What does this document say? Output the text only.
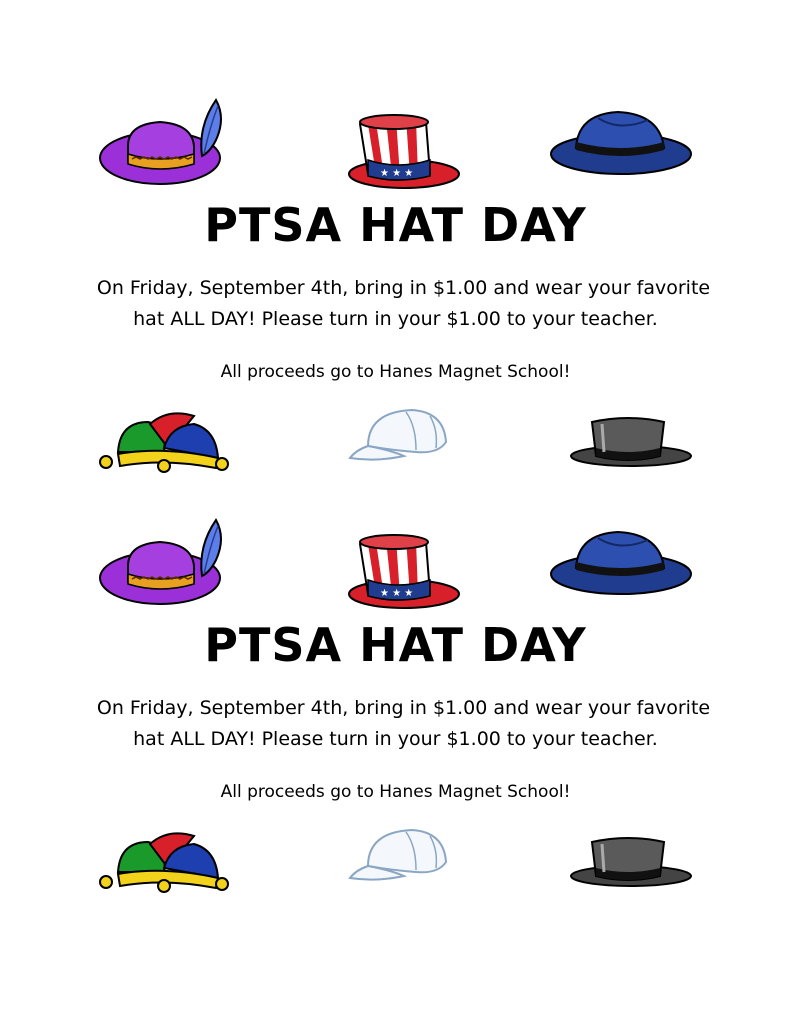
★ ★ ★
PTSA HAT DAY
On Friday, September 4th, bring in $1.00 and wear your favorite
hat ALL DAY! Please turn in your $1.00 to your teacher.
All proceeds go to Hanes Magnet School!
★ ★ ★
PTSA HAT DAY
On Friday, September 4th, bring in $1.00 and wear your favorite
hat ALL DAY! Please turn in your $1.00 to your teacher.
All proceeds go to Hanes Magnet School!
